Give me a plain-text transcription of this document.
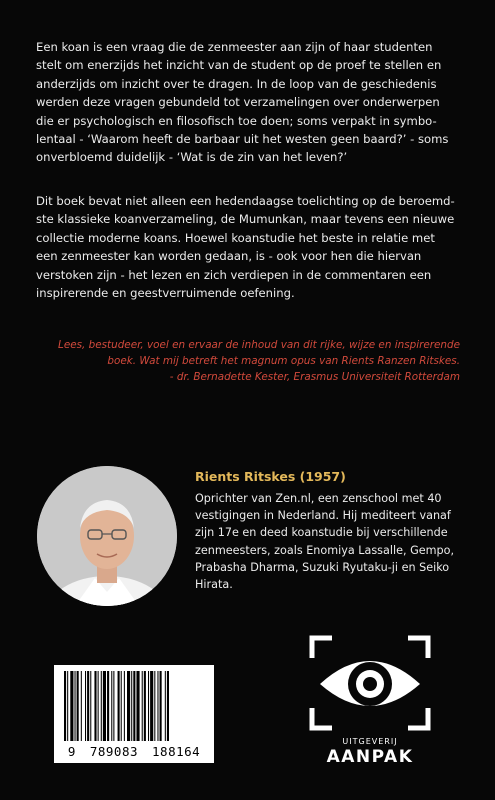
Een koan is een vraag die de zenmeester aan zijn of haar studenten
stelt om enerzijds het inzicht van de student op de proef te stellen en
anderzijds om inzicht over te dragen. In de loop van de geschiedenis
werden deze vragen gebundeld tot verzamelingen over onderwerpen
die er psychologisch en filosofisch toe doen; soms verpakt in symbo-
lentaal - ‘Waarom heeft de barbaar uit het westen geen baard?’ - soms
onverbloemd duidelijk - ‘Wat is de zin van het leven?’

Dit boek bevat niet alleen een hedendaagse toelichting op de beroemd-
ste klassieke koanverzameling, de Mumunkan, maar tevens een nieuwe
collectie moderne koans. Hoewel koanstudie het beste in relatie met
een zenmeester kan worden gedaan, is - ook voor hen die hiervan
verstoken zijn - het lezen en zich verdiepen in de commentaren een
inspirerende en geestverruimende oefening.

Lees, bestudeer, voel en ervaar de inhoud van dit rijke, wijze en inspirerende
boek. Wat mij betreft het magnum opus van Rients Ranzen Ritskes.
- dr. Bernadette Kester, Erasmus Universiteit Rotterdam
Rients Ritskes (1957)

Oprichter van Zen.nl, een zenschool met 40
vestigingen in Nederland. Hij mediteert vanaf
zijn 17e en deed koanstudie bij verschillende
zenmeesters, zoals Enomiya Lassalle, Gempo,
Prabasha Dharma, Suzuki Ryutaku-ji en Seiko
Hirata.

9 789083 188164
UITGEVERIJ
AANPAK
